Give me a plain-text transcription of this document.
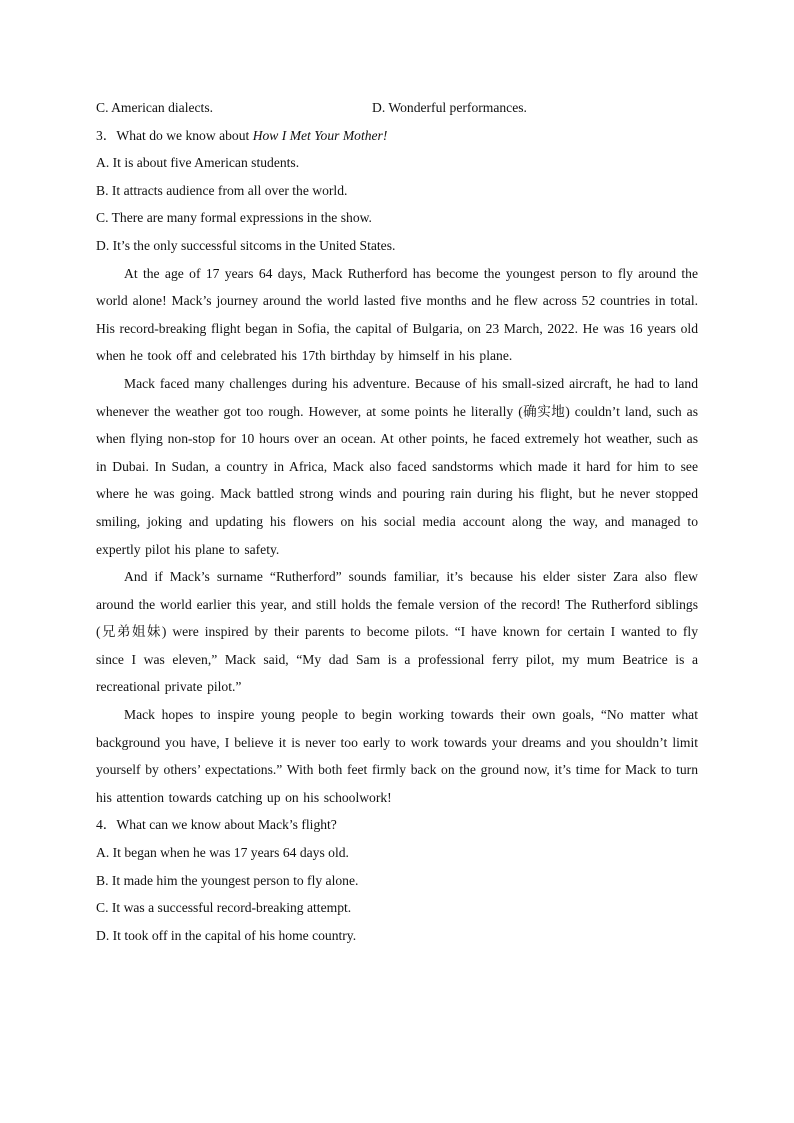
C. American dialects.	D. Wonderful performances.
3．What do we know about How I Met Your Mother!
A. It is about five American students.
B. It attracts audience from all over the world.
C. There are many formal expressions in the show.
D. It’s the only successful sitcoms in the United States.

At the age of 17 years 64 days, Mack Rutherford has become the youngest person to fly around the world alone! Mack’s journey around the world lasted five months and he flew across 52 countries in total. His record-breaking flight began in Sofia, the capital of Bulgaria, on 23 March, 2022. He was 16 years old when he took off and celebrated his 17th birthday by himself in his plane.

Mack faced many challenges during his adventure. Because of his small-sized aircraft, he had to land whenever the weather got too rough. However, at some points he literally (确实地) couldn’t land, such as when flying non-stop for 10 hours over an ocean. At other points, he faced extremely hot weather, such as in Dubai. In Sudan, a country in Africa, Mack also faced sandstorms which made it hard for him to see where he was going. Mack battled strong winds and pouring rain during his flight, but he never stopped smiling, joking and updating his flowers on his social media account along the way, and managed to expertly pilot his plane to safety.

And if Mack’s surname “Rutherford” sounds familiar, it’s because his elder sister Zara also flew around the world earlier this year, and still holds the female version of the record! The Rutherford siblings (兄弟姐妹) were inspired by their parents to become pilots. “I have known for certain I wanted to fly since I was eleven,” Mack said, “My dad Sam is a professional ferry pilot, my mum Beatrice is a recreational private pilot.”

Mack hopes to inspire young people to begin working towards their own goals, “No matter what background you have, I believe it is never too early to work towards your dreams and you shouldn’t limit yourself by others’ expectations.” With both feet firmly back on the ground now, it’s time for Mack to turn his attention towards catching up on his schoolwork!

4．What can we know about Mack’s flight?
A. It began when he was 17 years 64 days old.
B. It made him the youngest person to fly alone.
C. It was a successful record-breaking attempt.
D. It took off in the capital of his home country.
